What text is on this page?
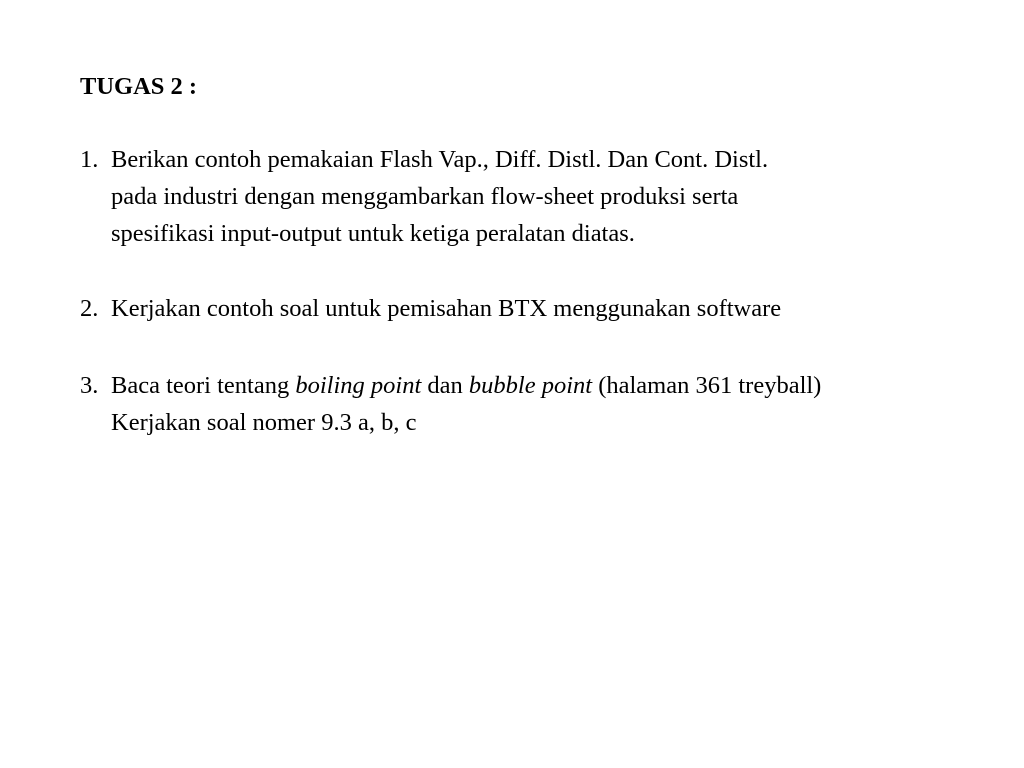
TUGAS 2 :
1. Berikan contoh pemakaian Flash Vap., Diff. Distl. Dan Cont. Distl.
pada industri dengan menggambarkan flow-sheet produksi serta
spesifikasi input-output untuk ketiga peralatan diatas.
2. Kerjakan contoh soal untuk pemisahan BTX menggunakan software
3. Baca teori tentang boiling point dan bubble point (halaman 361 treyball)
Kerjakan soal nomer 9.3 a, b, c
